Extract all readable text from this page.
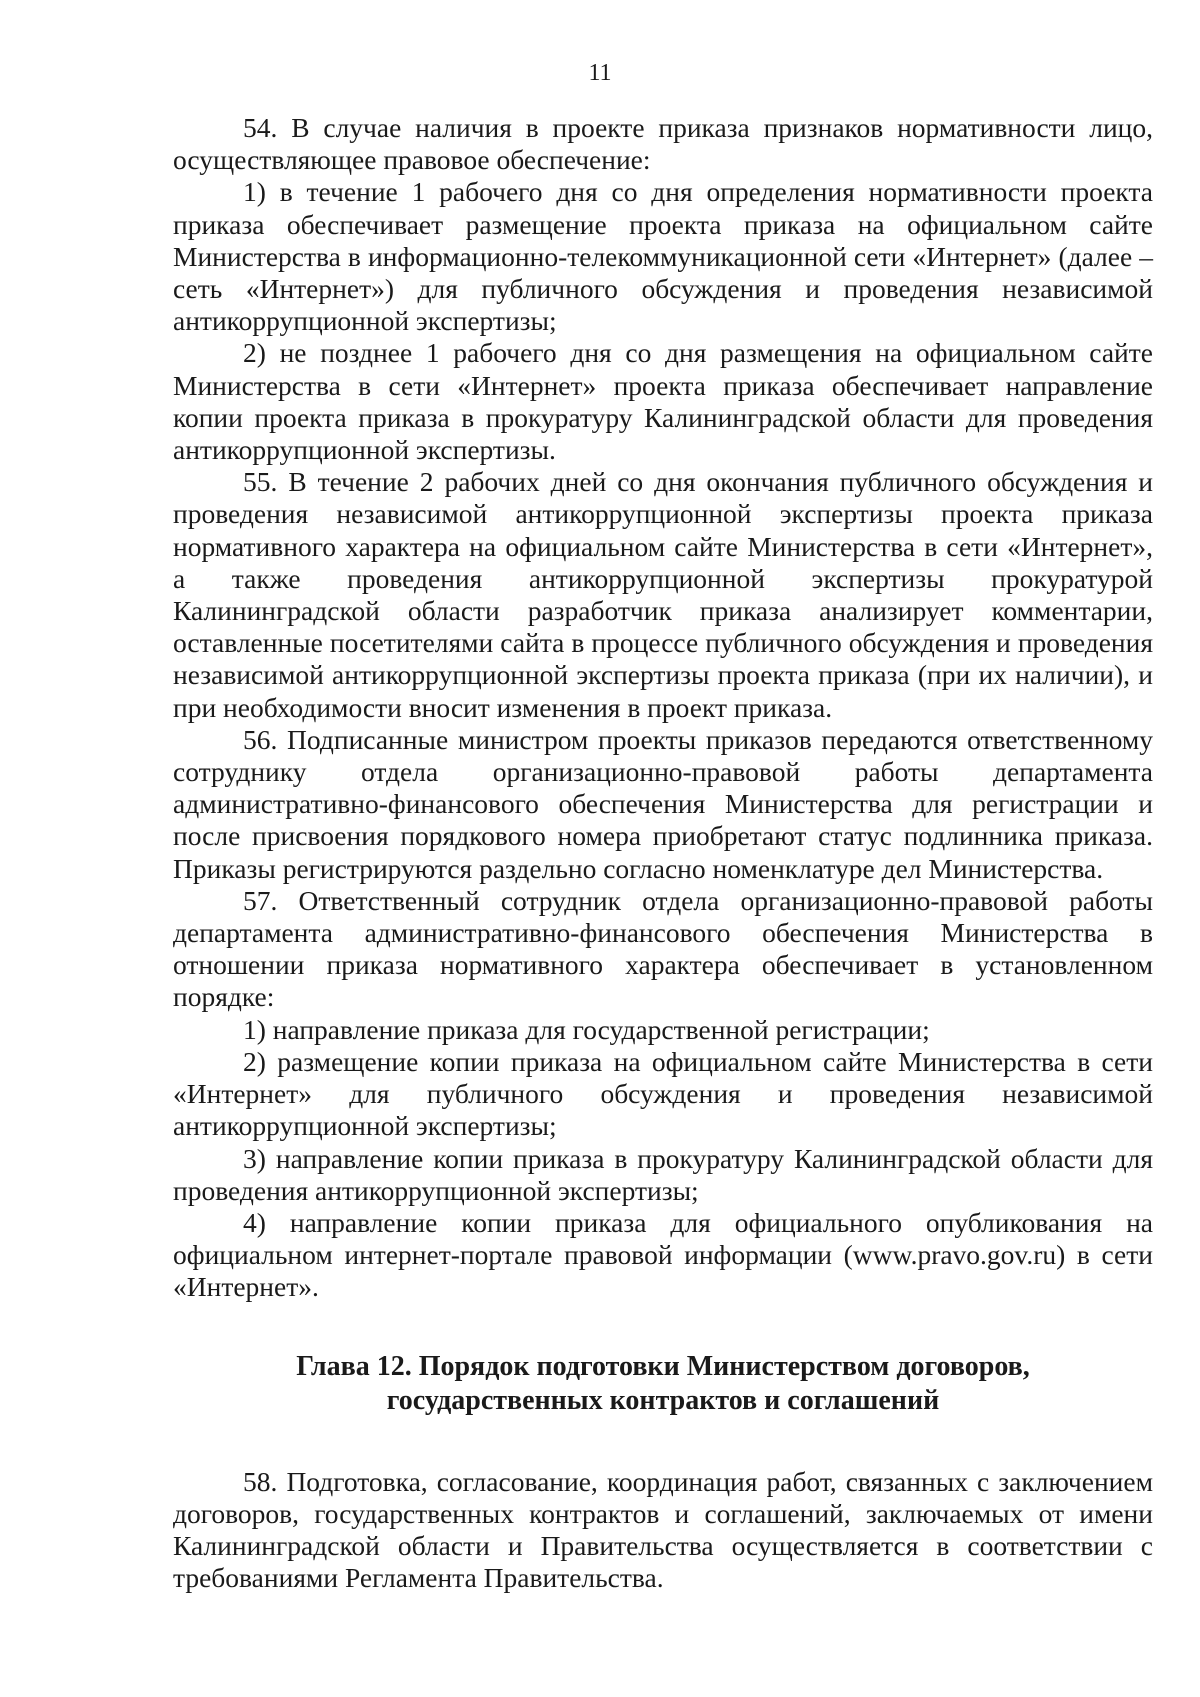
11

54. В случае наличия в проекте приказа признаков нормативности лицо, осуществляющее правовое обеспечение:

1) в течение 1 рабочего дня со дня определения нормативности проекта приказа обеспечивает размещение проекта приказа на официальном сайте Министерства в информационно-телекоммуникационной сети «Интернет» (далее – сеть «Интернет») для публичного обсуждения и проведения независимой антикоррупционной экспертизы;

2) не позднее 1 рабочего дня со дня размещения на официальном сайте Министерства в сети «Интернет» проекта приказа обеспечивает направление копии проекта приказа в прокуратуру Калининградской области для проведения антикоррупционной экспертизы.

55. В течение 2 рабочих дней со дня окончания публичного обсуждения и проведения независимой антикоррупционной экспертизы проекта приказа нормативного характера на официальном сайте Министерства в сети «Интернет», а также проведения антикоррупционной экспертизы прокуратурой Калининградской области разработчик приказа анализирует комментарии, оставленные посетителями сайта в процессе публичного обсуждения и проведения независимой антикоррупционной экспертизы проекта приказа (при их наличии), и при необходимости вносит изменения в проект приказа.

56. Подписанные министром проекты приказов передаются ответственному сотруднику отдела организационно-правовой работы департамента административно-финансового обеспечения Министерства для регистрации и после присвоения порядкового номера приобретают статус подлинника приказа. Приказы регистрируются раздельно согласно номенклатуре дел Министерства.

57. Ответственный сотрудник отдела организационно-правовой работы департамента административно-финансового обеспечения Министерства в отношении приказа нормативного характера обеспечивает в установленном порядке:

1) направление приказа для государственной регистрации;

2) размещение копии приказа на официальном сайте Министерства в сети «Интернет» для публичного обсуждения и проведения независимой антикоррупционной экспертизы;

3) направление копии приказа в прокуратуру Калининградской области для проведения антикоррупционной экспертизы;

4) направление копии приказа для официального опубликования на официальном интернет-портале правовой информации (www.pravo.gov.ru) в сети «Интернет».

Глава 12. Порядок подготовки Министерством договоров,
государственных контрактов и соглашений

58. Подготовка, согласование, координация работ, связанных с заключением договоров, государственных контрактов и соглашений, заключаемых от имени Калининградской области и Правительства осуществляется в соответствии с требованиями Регламента Правительства.
